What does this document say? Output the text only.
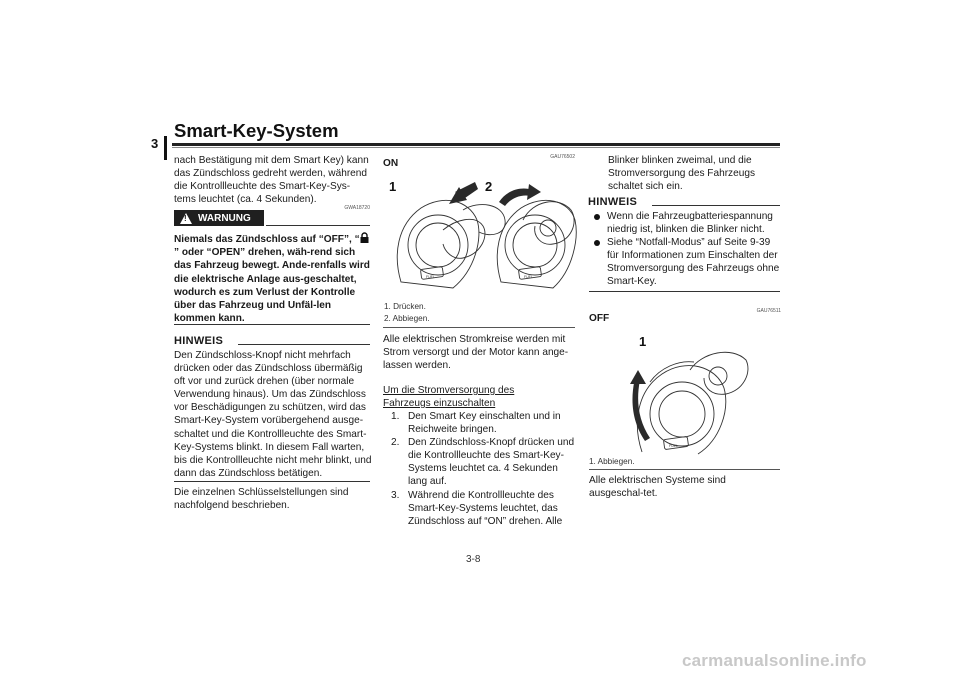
Smart-Key-System
3
nach Bestätigung mit dem Smart Key) kann das Zündschloss gedreht werden, während die Kontrollleuchte des Smart-Key-Sys-tems leuchtet (ca. 4 Sekunden).
GWA18720
!
WARNUNG
Niemals das Zündschloss auf “OFF”, “” oder “OPEN” drehen, wäh-rend sich das Fahrzeug bewegt. Ande-renfalls wird die elektrische Anlage aus-geschaltet, wodurch es zum Verlust der Kontrolle über das Fahrzeug und Unfäl-len kommen kann.
HINWEIS
Den Zündschloss-Knopf nicht mehrfach drücken oder das Zündschloss übermäßig oft vor und zurück drehen (über normale Verwendung hinaus). Um das Zündschloss vor Beschädigungen zu schützen, wird das Smart-Key-System vorübergehend ausge-schaltet und die Kontrollleuchte des Smart-Key-Systems blinkt. In diesem Fall warten, bis die Kontrollleuchte nicht mehr blinkt, und dann das Zündschloss betätigen.
Die einzelnen Schlüsselstellungen sind nachfolgend beschrieben.
GAU76502
ON
FUEL	FUEL
1	2
1. Drücken.
2. Abbiegen.
Alle elektrischen Stromkreise werden mit Strom versorgt und der Motor kann ange-lassen werden.
Um die Stromversorgung des Fahrzeugs einzuschalten
1. Den Smart Key einschalten und in Reichweite bringen.
2. Den Zündschloss-Knopf drücken und die Kontrollleuchte des Smart-Key-Systems leuchtet ca. 4 Sekunden lang auf.
3. Während die Kontrollleuchte des Smart-Key-Systems leuchtet, das Zündschloss auf “ON” drehen. Alle
Blinker blinken zweimal, und die Stromversorgung des Fahrzeugs schaltet sich ein.
HINWEIS
Wenn die Fahrzeugbatteriespannung niedrig ist, blinken die Blinker nicht.
Siehe “Notfall-Modus” auf Seite 9-39 für Informationen zum Einschalten der Stromversorgung des Fahrzeugs ohne Smart-Key.
GAU76511
OFF
FUEL
1
1. Abbiegen.
Alle elektrischen Systeme sind ausgeschal-tet.
3-8
carmanualsonline.info
